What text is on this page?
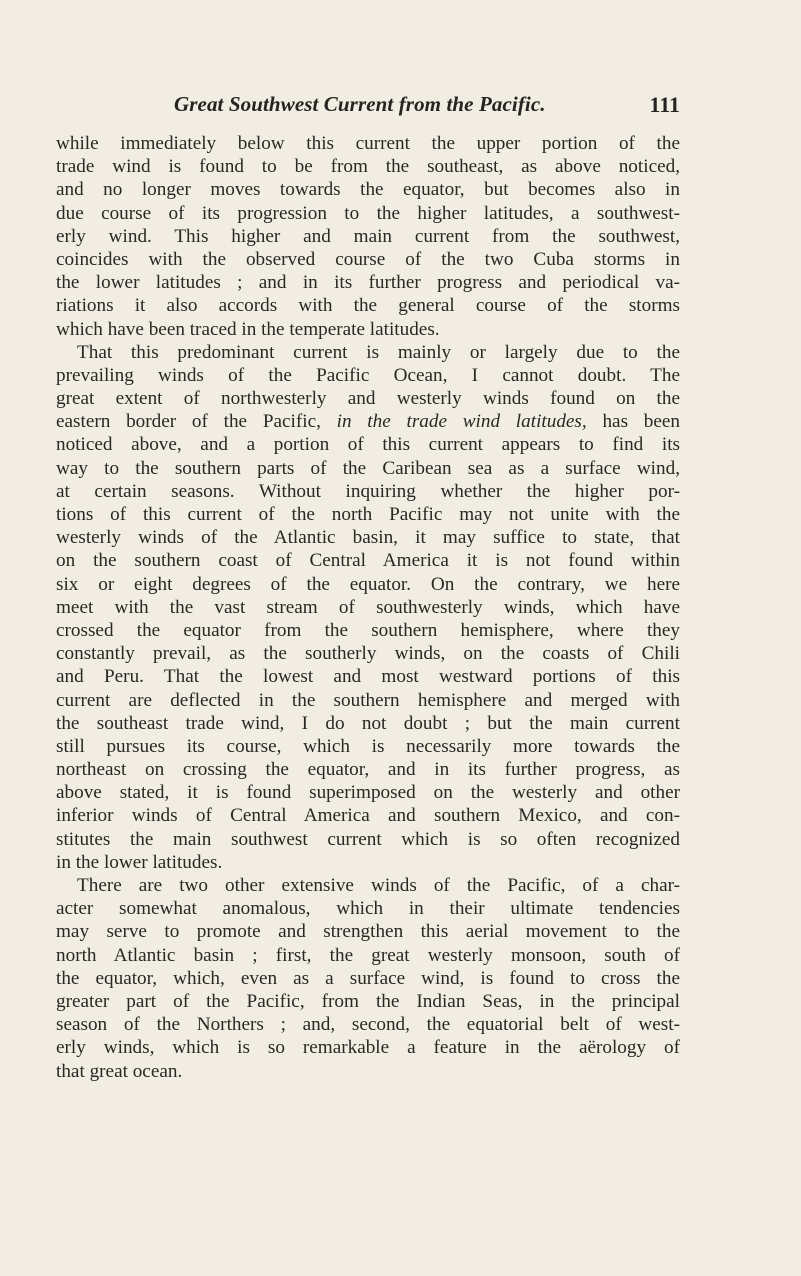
Great Southwest Current from the Pacific.	111
while immediately below this current the upper portion of the
trade wind is found to be from the southeast, as above noticed,
and no longer moves towards the equator, but becomes also in
due course of its progression to the higher latitudes, a southwest-
erly wind. This higher and main current from the southwest,
coincides with the observed course of the two Cuba storms in
the lower latitudes ; and in its further progress and periodical va-
riations it also accords with the general course of the storms
which have been traced in the temperate latitudes.
That this predominant current is mainly or largely due to the
prevailing winds of the Pacific Ocean, I cannot doubt. The
great extent of northwesterly and westerly winds found on the
eastern border of the Pacific, in the trade wind latitudes, has been
noticed above, and a portion of this current appears to find its
way to the southern parts of the Caribean sea as a surface wind,
at certain seasons. Without inquiring whether the higher por-
tions of this current of the north Pacific may not unite with the
westerly winds of the Atlantic basin, it may suffice to state, that
on the southern coast of Central America it is not found within
six or eight degrees of the equator. On the contrary, we here
meet with the vast stream of southwesterly winds, which have
crossed the equator from the southern hemisphere, where they
constantly prevail, as the southerly winds, on the coasts of Chili
and Peru. That the lowest and most westward portions of this
current are deflected in the southern hemisphere and merged with
the southeast trade wind, I do not doubt ; but the main current
still pursues its course, which is necessarily more towards the
northeast on crossing the equator, and in its further progress, as
above stated, it is found superimposed on the westerly and other
inferior winds of Central America and southern Mexico, and con-
stitutes the main southwest current which is so often recognized
in the lower latitudes.
There are two other extensive winds of the Pacific, of a char-
acter somewhat anomalous, which in their ultimate tendencies
may serve to promote and strengthen this aerial movement to the
north Atlantic basin ; first, the great westerly monsoon, south of
the equator, which, even as a surface wind, is found to cross the
greater part of the Pacific, from the Indian Seas, in the principal
season of the Northers ; and, second, the equatorial belt of west-
erly winds, which is so remarkable a feature in the aërology of
that great ocean.
